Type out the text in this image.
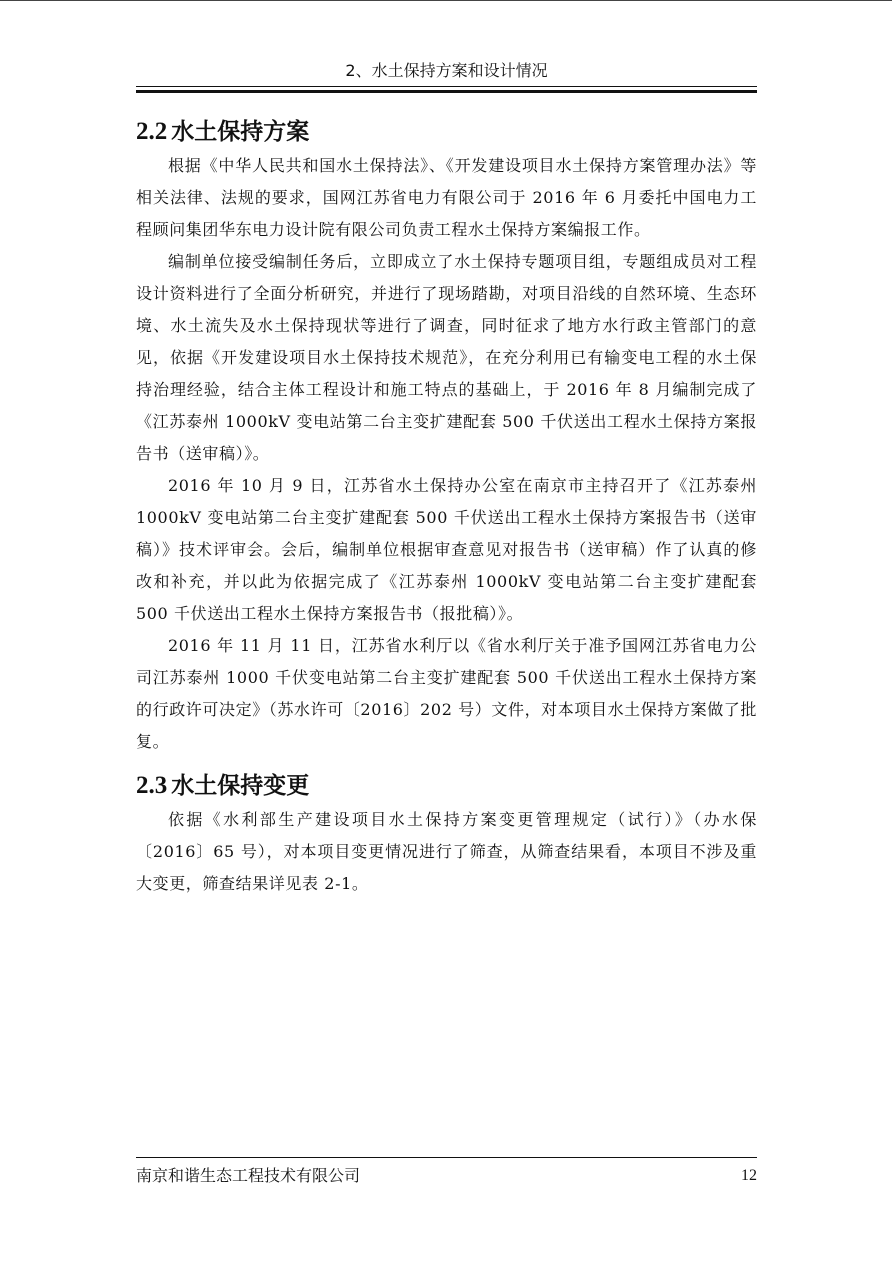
2、水土保持方案和设计情况
2.2 水土保持方案

根据《中华人民共和国水土保持法》、《开发建设项目水土保持方案管理办法》等相关法律、法规的要求，国网江苏省电力有限公司于 2016 年 6 月委托中国电力工程顾问集团华东电力设计院有限公司负责工程水土保持方案编报工作。

编制单位接受编制任务后，立即成立了水土保持专题项目组，专题组成员对工程设计资料进行了全面分析研究，并进行了现场踏勘，对项目沿线的自然环境、生态环境、水土流失及水土保持现状等进行了调查，同时征求了地方水行政主管部门的意见，依据《开发建设项目水土保持技术规范》，在充分利用已有输变电工程的水土保持治理经验，结合主体工程设计和施工特点的基础上，于 2016 年 8 月编制完成了《江苏泰州 1000kV 变电站第二台主变扩建配套 500 千伏送出工程水土保持方案报告书（送审稿）》。

2016 年 10 月 9 日，江苏省水土保持办公室在南京市主持召开了《江苏泰州 1000kV 变电站第二台主变扩建配套 500 千伏送出工程水土保持方案报告书（送审稿）》技术评审会。会后，编制单位根据审查意见对报告书（送审稿）作了认真的修改和补充，并以此为依据完成了《江苏泰州 1000kV 变电站第二台主变扩建配套 500 千伏送出工程水土保持方案报告书（报批稿）》。

2016 年 11 月 11 日，江苏省水利厅以《省水利厅关于准予国网江苏省电力公司江苏泰州 1000 千伏变电站第二台主变扩建配套 500 千伏送出工程水土保持方案的行政许可决定》（苏水许可〔2016〕202 号）文件，对本项目水土保持方案做了批复。

2.3 水土保持变更

依据《水利部生产建设项目水土保持方案变更管理规定（试行）》（办水保〔2016〕65 号），对本项目变更情况进行了筛查，从筛查结果看，本项目不涉及重大变更，筛查结果详见表 2-1。

南京和谐生态工程技术有限公司	12
